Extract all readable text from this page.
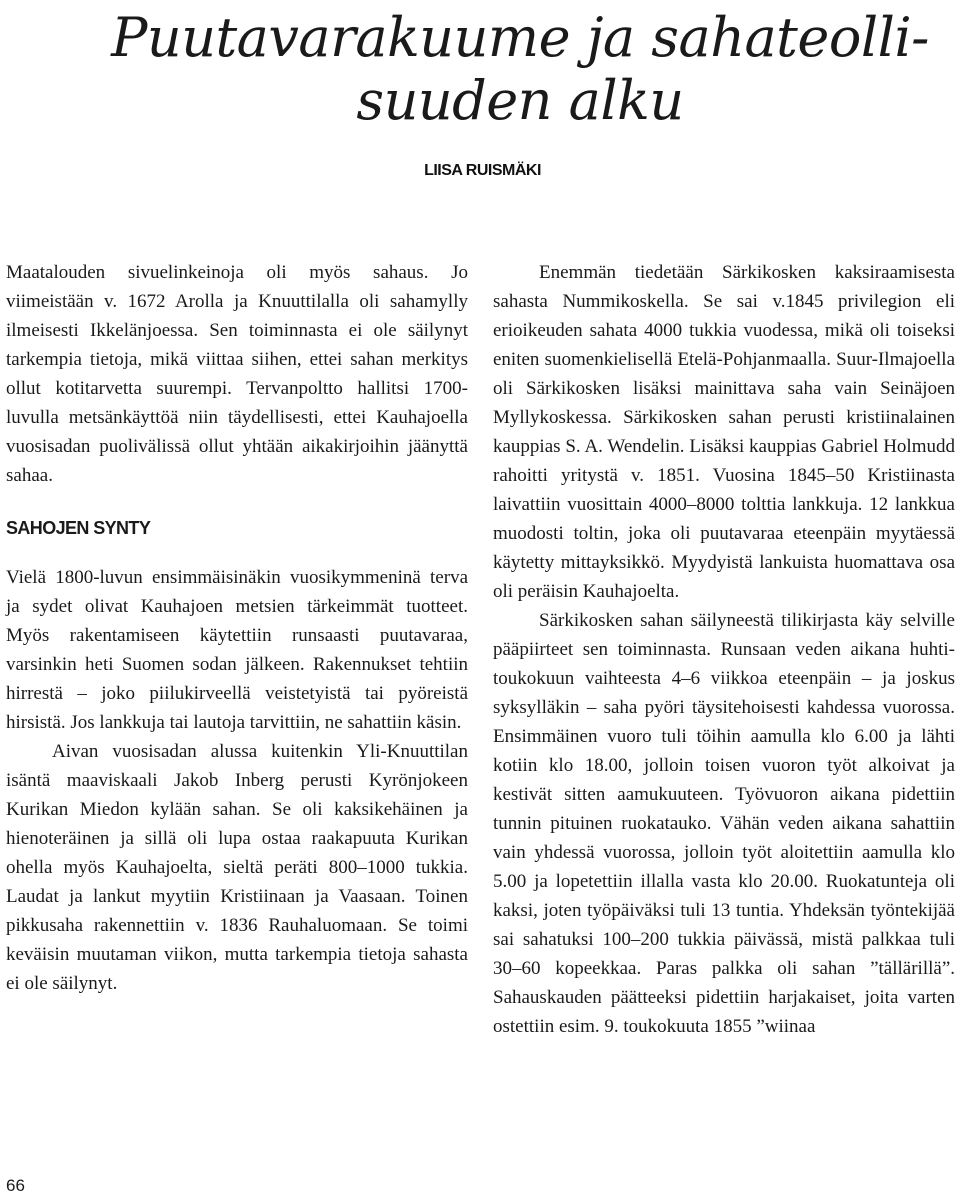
Puutavarakuume ja sahateolli-
suuden alku
LIISA RUISMÄKI

Maatalouden sivuelinkeinoja oli myös sahaus. Jo viimeistään v. 1672 Arolla ja Knuuttilalla oli sahamylly ilmeisesti Ikkelänjoessa. Sen toiminnasta ei ole säilynyt tarkempia tietoja, mikä viittaa siihen, ettei sahan merkitys ollut kotitarvetta suurempi. Tervanpoltto hallitsi 1700-luvulla metsänkäyttöä niin täydellisesti, ettei Kauhajoella vuosisadan puolivälissä ollut yhtään aikakirjoihin jäänyttä sahaa.

SAHOJEN SYNTY

Vielä 1800-luvun ensimmäisinäkin vuosikymmeninä terva ja sydet olivat Kauhajoen metsien tärkeimmät tuotteet. Myös rakentamiseen käytettiin runsaasti puutavaraa, varsinkin heti Suomen sodan jälkeen. Rakennukset tehtiin hirrestä – joko piilukirveellä veistetyistä tai pyöreistä hirsistä. Jos lankkuja tai lautoja tarvittiin, ne sahattiin käsin.

Aivan vuosisadan alussa kuitenkin Yli-Knuuttilan isäntä maaviskaali Jakob Inberg perusti Kyrönjokeen Kurikan Miedon kylään sahan. Se oli kaksikehäinen ja hienoteräinen ja sillä oli lupa ostaa raakapuuta Kurikan ohella myös Kauhajoelta, sieltä peräti 800–1000 tukkia. Laudat ja lankut myytiin Kristiinaan ja Vaasaan. Toinen pikkusaha rakennettiin v. 1836 Rauhaluomaan. Se toimi keväisin muutaman viikon, mutta tarkempia tietoja sahasta ei ole säilynyt.

Enemmän tiedetään Särkikosken kaksiraamisesta sahasta Nummikoskella. Se sai v.1845 privilegion eli erioikeuden sahata 4000 tukkia vuodessa, mikä oli toiseksi eniten suomenkielisellä Etelä-Pohjanmaalla. Suur-Ilmajoella oli Särkikosken lisäksi mainittava saha vain Seinäjoen Myllykoskessa. Särkikosken sahan perusti kristiinalainen kauppias S. A. Wendelin. Lisäksi kauppias Gabriel Holmudd rahoitti yritystä v. 1851. Vuosina 1845–50 Kristiinasta laivattiin vuosittain 4000–8000 tolttia lankkuja. 12 lankkua muodosti toltin, joka oli puutavaraa eteenpäin myytäessä käytetty mittayksikkö. Myydyistä lankuista huomattava osa oli peräisin Kauhajoelta.

Särkikosken sahan säilyneestä tilikirjasta käy selville pääpiirteet sen toiminnasta. Runsaan veden aikana huhti-toukokuun vaihteesta 4–6 viikkoa eteenpäin – ja joskus syksylläkin – saha pyöri täysitehoisesti kahdessa vuorossa. Ensimmäinen vuoro tuli töihin aamulla klo 6.00 ja lähti kotiin klo 18.00, jolloin toisen vuoron työt alkoivat ja kestivät sitten aamukuuteen. Työvuoron aikana pidettiin tunnin pituinen ruokatauko. Vähän veden aikana sahattiin vain yhdessä vuorossa, jolloin työt aloitettiin aamulla klo 5.00 ja lopetettiin illalla vasta klo 20.00. Ruokatunteja oli kaksi, joten työpäiväksi tuli 13 tuntia. Yhdeksän työntekijää sai sahatuksi 100–200 tukkia päivässä, mistä palkkaa tuli 30–60 kopeekkaa. Paras palkka oli sahan ”tällärillä”. Sahauskauden päätteeksi pidettiin harjakaiset, joita varten ostettiin esim. 9. toukokuuta 1855 ”wiinaa

66
